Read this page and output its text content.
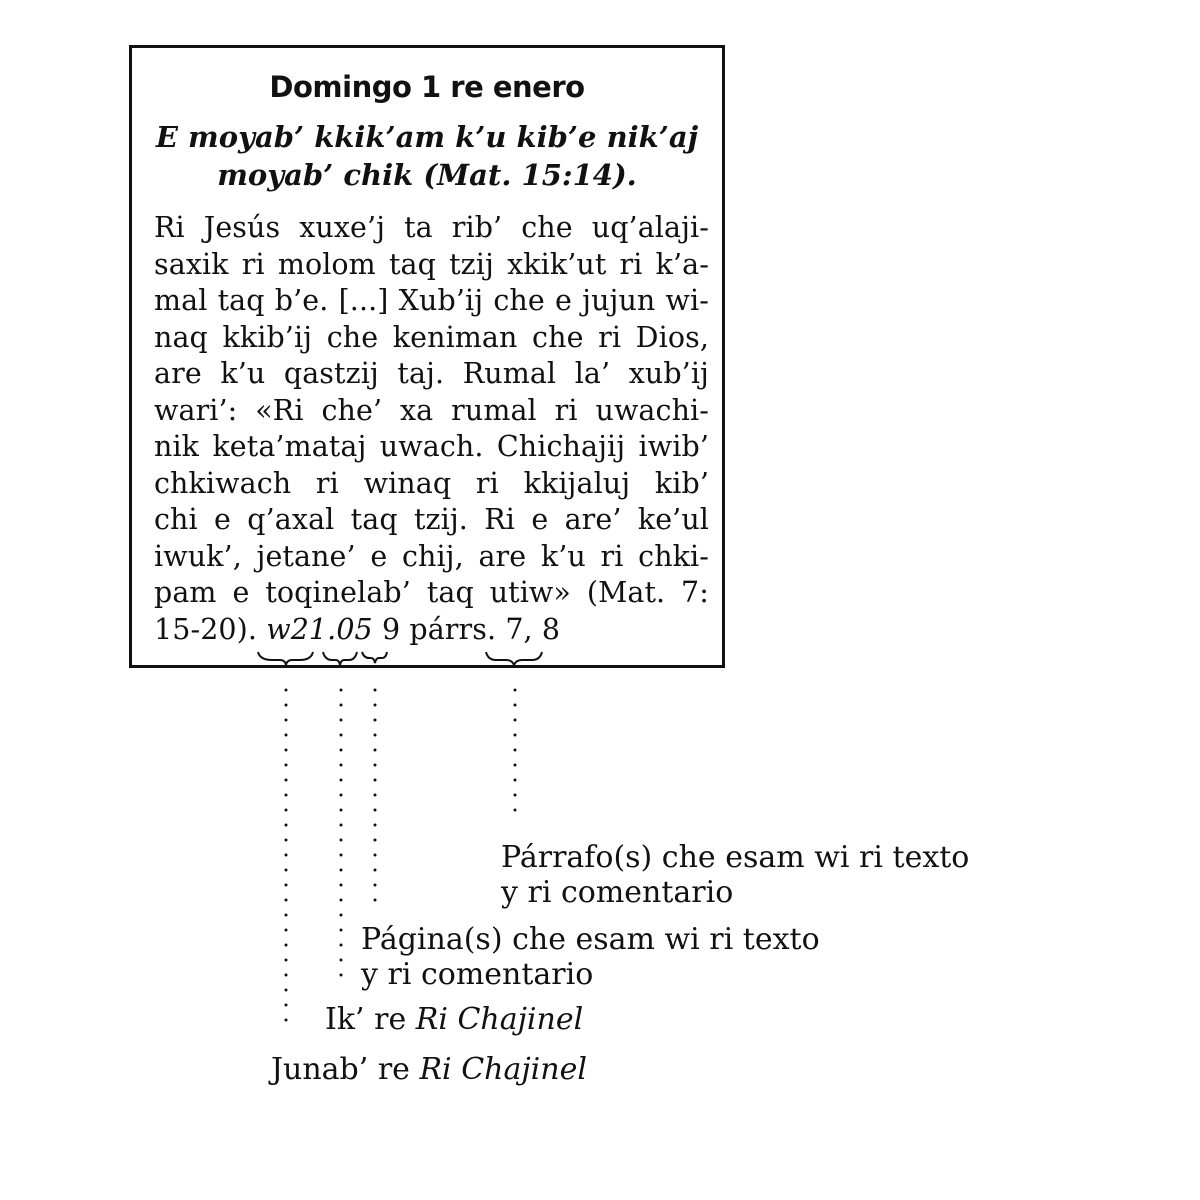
Domingo 1 re enero
E moyab’ kkik’am k’u kib’e nik’aj
moyab’ chik (Mat. 15:14).
Ri Jesús xuxe’j ta rib’ che uq’alaji-
saxik ri molom taq tzij xkik’ut ri k’a-
mal taq b’e. [...] Xub’ij che e jujun wi-
naq kkib’ij che keniman che ri Dios,
are k’u qastzij taj. Rumal la’ xub’ij
wari’: «Ri che’ xa rumal ri uwachi-
nik keta’mataj uwach. Chichajij iwib’
chkiwach ri winaq ri kkijaluj kib’
chi e q’axal taq tzij. Ri e are’ ke’ul
iwuk’, jetane’ e chij, are k’u ri chki-
pam e toqinelab’ taq utiw» (Mat. 7:
15-20). w21.05 9 párrs. 7, 8
Párrafo(s) che esam wi ri texto
y ri comentario
Página(s) che esam wi ri texto
y ri comentario
Ik’ re Ri Chajinel
Junab’ re Ri Chajinel
